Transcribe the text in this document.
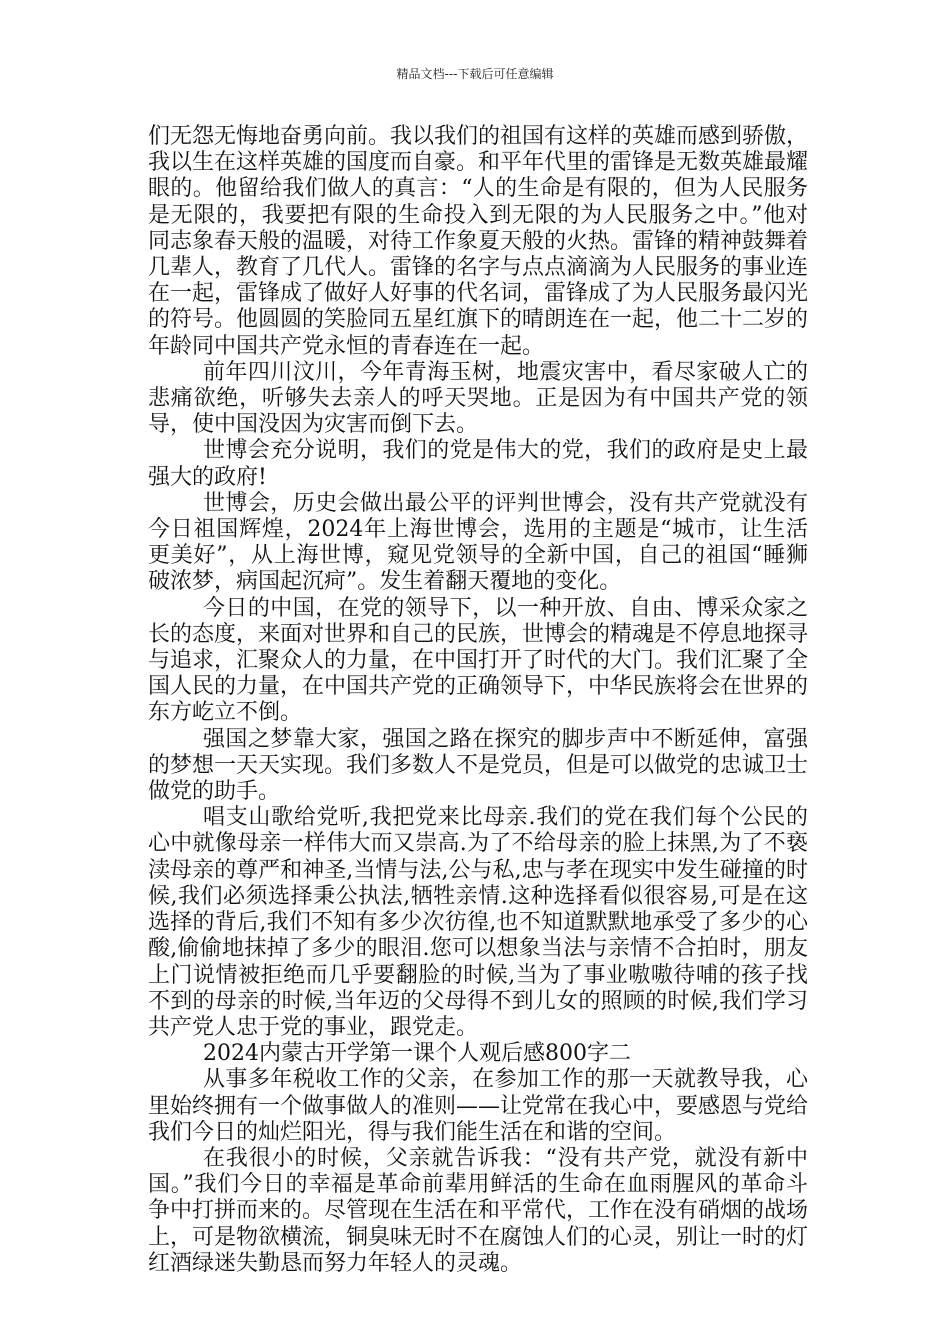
精品文档---下载后可任意编辑

们无怨无悔地奋勇向前。我以我们的祖国有这样的英雄而感到骄傲，我以生在这样英雄的国度而自豪。和平年代里的雷锋是无数英雄最耀眼的。他留给我们做人的真言：“人的生命是有限的，但为人民服务是无限的，我要把有限的生命投入到无限的为人民服务之中。”他对同志象春天般的温暖，对待工作象夏天般的火热。雷锋的精神鼓舞着几辈人，教育了几代人。雷锋的名字与点点滴滴为人民服务的事业连在一起，雷锋成了做好人好事的代名词，雷锋成了为人民服务最闪光的符号。他圆圆的笑脸同五星红旗下的晴朗连在一起，他二十二岁的年龄同中国共产党永恒的青春连在一起。

前年四川汶川，今年青海玉树，地震灾害中，看尽家破人亡的悲痛欲绝，听够失去亲人的呼天哭地。正是因为有中国共产党的领导，使中国没因为灾害而倒下去。

世博会充分说明，我们的党是伟大的党，我们的政府是史上最强大的政府!

世博会，历史会做出最公平的评判世博会，没有共产党就没有今日祖国辉煌，2024年上海世博会，选用的主题是“城市，让生活更美好”，从上海世博，窥见党领导的全新中国，自己的祖国“睡狮破浓梦，病国起沉疴”。发生着翻天覆地的变化。

今日的中国，在党的领导下，以一种开放、自由、博采众家之长的态度，来面对世界和自己的民族，世博会的精魂是不停息地探寻与追求，汇聚众人的力量，在中国打开了时代的大门。我们汇聚了全国人民的力量，在中国共产党的正确领导下，中华民族将会在世界的东方屹立不倒。

强国之梦靠大家，强国之路在探究的脚步声中不断延伸，富强的梦想一天天实现。我们多数人不是党员，但是可以做党的忠诚卫士做党的助手。

唱支山歌给党听,我把党来比母亲.我们的党在我们每个公民的心中就像母亲一样伟大而又崇高.为了不给母亲的脸上抹黑,为了不亵渎母亲的尊严和神圣,当情与法,公与私,忠与孝在现实中发生碰撞的时候,我们必须选择秉公执法,牺牲亲情.这种选择看似很容易,可是在这选择的背后,我们不知有多少次彷徨,也不知道默默地承受了多少的心酸,偷偷地抹掉了多少的眼泪.您可以想象当法与亲情不合拍时，朋友上门说情被拒绝而几乎要翻脸的时候,当为了事业嗷嗷待哺的孩子找不到的母亲的时候,当年迈的父母得不到儿女的照顾的时候,我们学习共产党人忠于党的事业，跟党走。

2024内蒙古开学第一课个人观后感800字二

从事多年税收工作的父亲，在参加工作的那一天就教导我，心里始终拥有一个做事做人的准则——让党常在我心中，要感恩与党给我们今日的灿烂阳光，得与我们能生活在和谐的空间。

在我很小的时候，父亲就告诉我：“没有共产党，就没有新中国。”我们今日的幸福是革命前辈用鲜活的生命在血雨腥风的革命斗争中打拼而来的。尽管现在生活在和平常代，工作在没有硝烟的战场上，可是物欲横流，铜臭味无时不在腐蚀人们的心灵，别让一时的灯红酒绿迷失勤恳而努力年轻人的灵魂。
